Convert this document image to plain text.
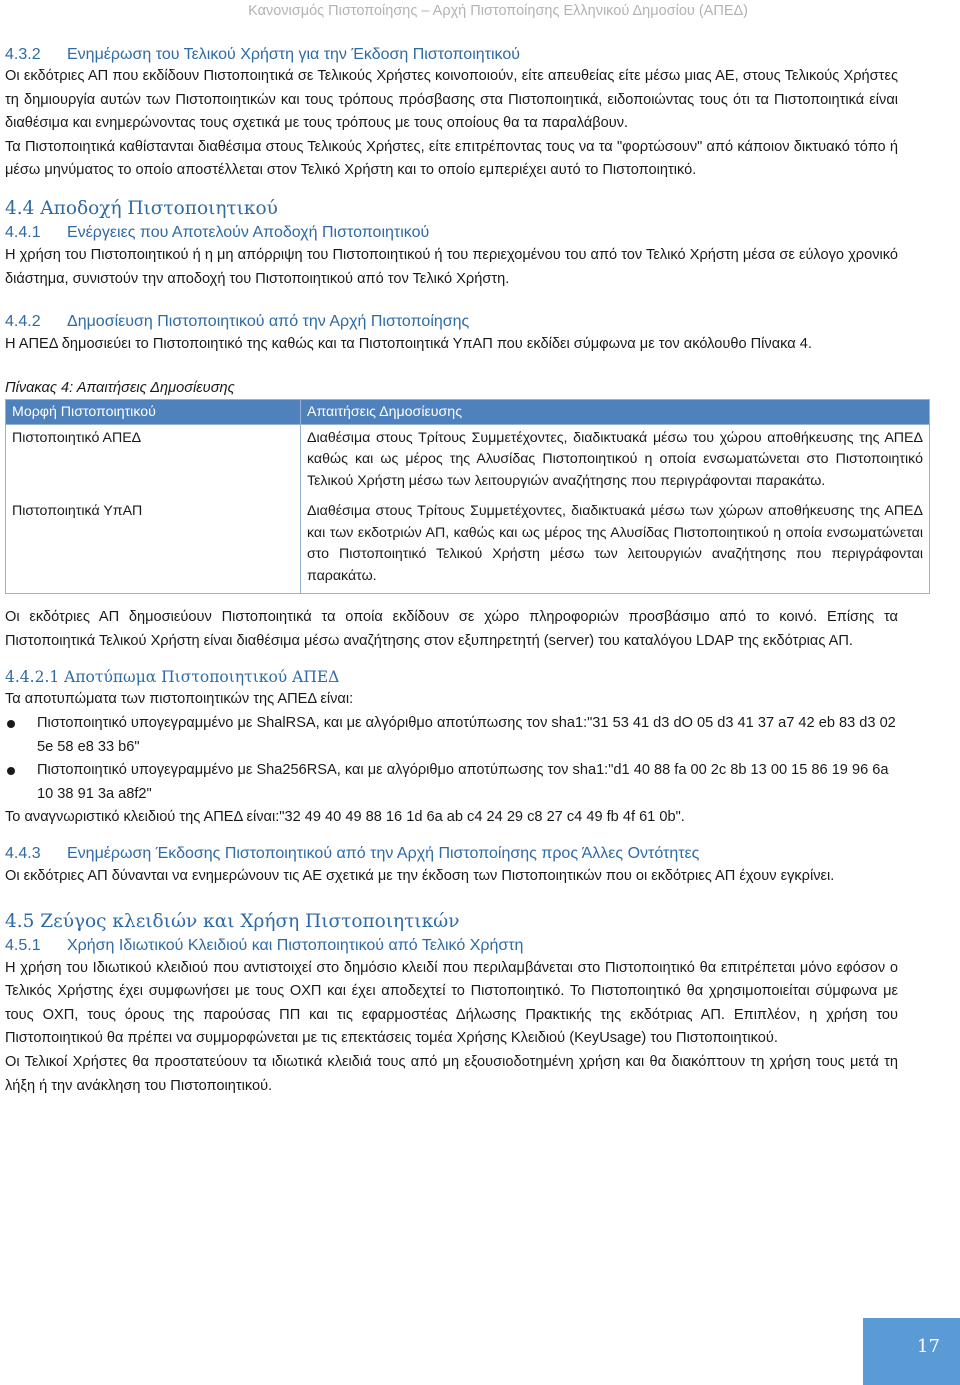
Κανονισμός Πιστοποίησης – Αρχή Πιστοποίησης Ελληνικού Δημοσίου (ΑΠΕΔ)
4.3.2 Ενημέρωση του Τελικού Χρήστη για την Έκδοση Πιστοποιητικού

Οι εκδότριες ΑΠ που εκδίδουν Πιστοποιητικά σε Τελικούς Χρήστες κοινοποιούν, είτε απευθείας είτε μέσω μιας ΑΕ, στους Τελικούς Χρήστες τη δημιουργία αυτών των Πιστοποιητικών και τους τρόπους πρόσβασης στα Πιστοποιητικά, ειδοποιώντας τους ότι τα Πιστοποιητικά είναι διαθέσιμα και ενημερώνοντας τους σχετικά με τους τρόπους με τους οποίους θα τα παραλάβουν.

Τα Πιστοποιητικά καθίστανται διαθέσιμα στους Τελικούς Χρήστες, είτε επιτρέποντας τους να τα "φορτώσουν" από κάποιον δικτυακό τόπο ή μέσω μηνύματος το οποίο αποστέλλεται στον Τελικό Χρήστη και το οποίο εμπεριέχει αυτό το Πιστοποιητικό.

4.4 Αποδοχή Πιστοποιητικού
4.4.1 Ενέργειες που Αποτελούν Αποδοχή Πιστοποιητικού

Η χρήση του Πιστοποιητικού ή η μη απόρριψη του Πιστοποιητικού ή του περιεχομένου του από τον Τελικό Χρήστη μέσα σε εύλογο χρονικό διάστημα, συνιστούν την αποδοχή του Πιστοποιητικού από τον Τελικό Χρήστη.

4.4.2 Δημοσίευση Πιστοποιητικού από την Αρχή Πιστοποίησης

Η ΑΠΕΔ δημοσιεύει το Πιστοποιητικό της καθώς και τα Πιστοποιητικά ΥπΑΠ που εκδίδει σύμφωνα με τον ακόλουθο Πίνακα 4.

Πίνακας 4: Απαιτήσεις Δημοσίευσης
Μορφή Πιστοποιητικού	Απαιτήσεις Δημοσίευσης
Πιστοποιητικό ΑΠΕΔ	Διαθέσιμα στους Τρίτους Συμμετέχοντες, διαδικτυακά μέσω του χώρου αποθήκευσης της ΑΠΕΔ καθώς και ως μέρος της Αλυσίδας Πιστοποιητικού η οποία ενσωματώνεται στο Πιστοποιητικό Τελικού Χρήστη μέσω των λειτουργιών αναζήτησης που περιγράφονται παρακάτω.
Πιστοποιητικά ΥπΑΠ	Διαθέσιμα στους Τρίτους Συμμετέχοντες, διαδικτυακά μέσω των χώρων αποθήκευσης της ΑΠΕΔ και των εκδοτριών ΑΠ, καθώς και ως μέρος της Αλυσίδας Πιστοποιητικού η οποία ενσωματώνεται στο Πιστοποιητικό Τελικού Χρήστη μέσω των λειτουργιών αναζήτησης που περιγράφονται παρακάτω.

Οι εκδότριες ΑΠ δημοσιεύουν Πιστοποιητικά τα οποία εκδίδουν σε χώρο πληροφοριών προσβάσιμο από το κοινό. Επίσης τα Πιστοποιητικά Τελικού Χρήστη είναι διαθέσιμα μέσω αναζήτησης στον εξυπηρετητή (server) του καταλόγου LDAP της εκδότριας ΑΠ.

4.4.2.1 Αποτύπωμα Πιστοποιητικού ΑΠΕΔ

Τα αποτυπώματα των πιστοποιητικών της ΑΠΕΔ είναι:

Πιστοποιητικό υπογεγραμμένο με ShalRSA, και με αλγόριθμο αποτύπωσης τον sha1:"31 53 41 d3 dO 05 d3 41 37 a7 42 eb 83 d3 02 5e 58 e8 33 b6"
Πιστοποιητικό υπογεγραμμένο με Sha256RSA, και με αλγόριθμο αποτύπωσης τον sha1:"d1 40 88 fa 00 2c 8b 13 00 15 86 19 96 6a 10 38 91 3a a8f2"

Το αναγνωριστικό κλειδιού της ΑΠΕΔ είναι:"32 49 40 49 88 16 1d 6a ab c4 24 29 c8 27 c4 49 fb 4f 61 0b".

4.4.3 Ενημέρωση Έκδοσης Πιστοποιητικού από την Αρχή Πιστοποίησης προς Άλλες Οντότητες

Οι εκδότριες ΑΠ δύνανται να ενημερώνουν τις ΑΕ σχετικά με την έκδοση των Πιστοποιητικών που οι εκδότριες ΑΠ έχουν εγκρίνει.

4.5 Ζεύγος κλειδιών και Χρήση Πιστοποιητικών
4.5.1 Χρήση Ιδιωτικού Κλειδιού και Πιστοποιητικού από Τελικό Χρήστη

Η χρήση του Ιδιωτικού κλειδιού που αντιστοιχεί στο δημόσιο κλειδί που περιλαμβάνεται στο Πιστοποιητικό θα επιτρέπεται μόνο εφόσον ο Τελικός Χρήστης έχει συμφωνήσει με τους ΟΧΠ και έχει αποδεχτεί το Πιστοποιητικό. Το Πιστοποιητικό θα χρησιμοποιείται σύμφωνα με τους ΟΧΠ, τους όρους της παρούσας ΠΠ και τις εφαρμοστέας Δήλωσης Πρακτικής της εκδότριας ΑΠ. Επιπλέον, η χρήση του Πιστοποιητικού θα πρέπει να συμμορφώνεται με τις επεκτάσεις τομέα Χρήσης Κλειδιού (KeyUsage) του Πιστοποιητικού.

Οι Τελικοί Χρήστες θα προστατεύουν τα ιδιωτικά κλειδιά τους από μη εξουσιοδοτημένη χρήση και θα διακόπτουν τη χρήση τους μετά τη λήξη ή την ανάκληση του Πιστοποιητικού.

17
